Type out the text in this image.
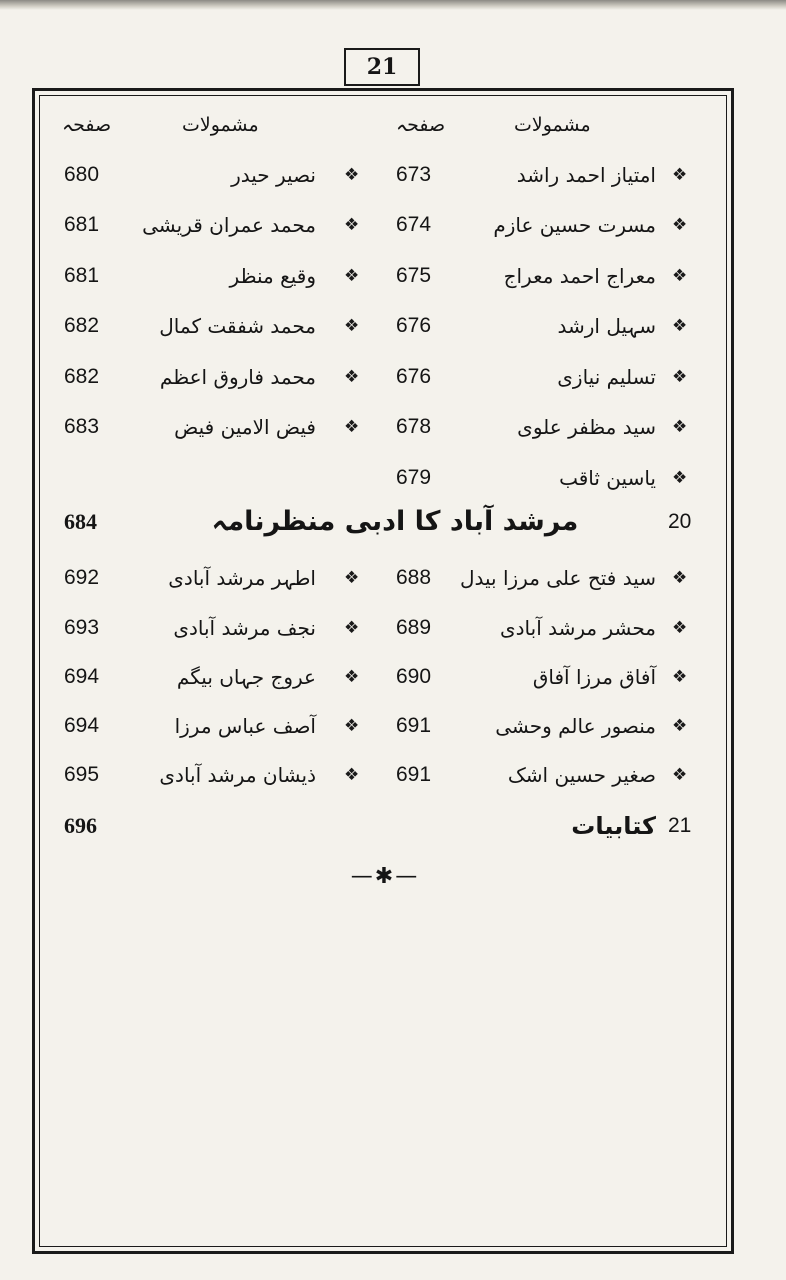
21
مشمولات
صفحہ
مشمولات
صفحہ
❖
امتیاز احمد راشد
673
❖
نصیر حیدر
680
❖
مسرت حسین عازم
674
❖
محمد عمران قریشی
681
❖
معراج احمد معراج
675
❖
وقیع منظر
681
❖
سہیل ارشد
676
❖
محمد شفقت کمال
682
❖
تسلیم نیازی
676
❖
محمد فاروق اعظم
682
❖
سید مظفر علوی
678
❖
فیض الامین فیض
683
❖
یاسین ثاقب
679
20
مرشد آباد کا ادبی منظرنامہ
684
❖
سید فتح علی مرزا بیدل
688
❖
اطہر مرشد آبادی
692
❖
محشر مرشد آبادی
689
❖
نجف مرشد آبادی
693
❖
آفاق مرزا آفاق
690
❖
عروج جہاں بیگم
694
❖
منصور عالم وحشی
691
❖
آصف عباس مرزا
694
❖
صغیر حسین اشک
691
❖
ذیشان مرشد آبادی
695
21
کتابیات
696
—✱—
